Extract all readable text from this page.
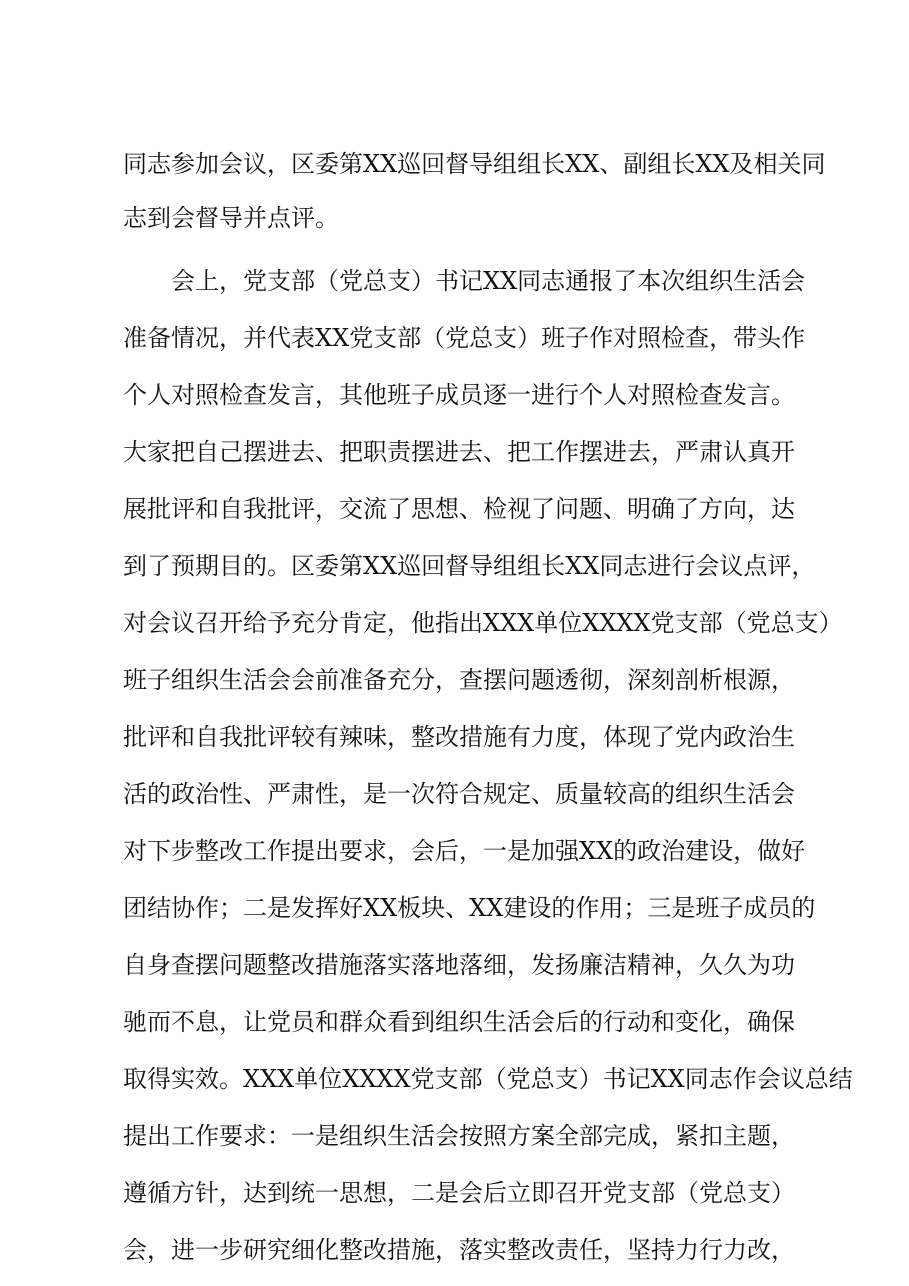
同志参加会议，区委第XX巡回督导组组长XX、副组长XX及相关同
志到会督导并点评。
会上，党支部（党总支）书记XX同志通报了本次组织生活会
准备情况，并代表XX党支部（党总支）班子作对照检查，带头作
个人对照检查发言，其他班子成员逐一进行个人对照检查发言。
大家把自己摆进去、把职责摆进去、把工作摆进去，严肃认真开
展批评和自我批评，交流了思想、检视了问题、明确了方向，达
到了预期目的。区委第XX巡回督导组组长XX同志进行会议点评，
对会议召开给予充分肯定，他指出XXX单位XXXX党支部（党总支）
班子组织生活会会前准备充分，查摆问题透彻，深刻剖析根源，
批评和自我批评较有辣味，整改措施有力度，体现了党内政治生
活的政治性、严肃性，是一次符合规定、质量较高的组织生活会
对下步整改工作提出要求，会后，一是加强XX的政治建设，做好
团结协作；二是发挥好XX板块、XX建设的作用；三是班子成员的
自身查摆问题整改措施落实落地落细，发扬廉洁精神，久久为功
驰而不息，让党员和群众看到组织生活会后的行动和变化，确保
取得实效。XXX单位XXXX党支部（党总支）书记XX同志作会议总结
提出工作要求：一是组织生活会按照方案全部完成，紧扣主题，
遵循方针，达到统一思想，二是会后立即召开党支部（党总支）
会，进一步研究细化整改措施，落实整改责任，坚持力行力改，
